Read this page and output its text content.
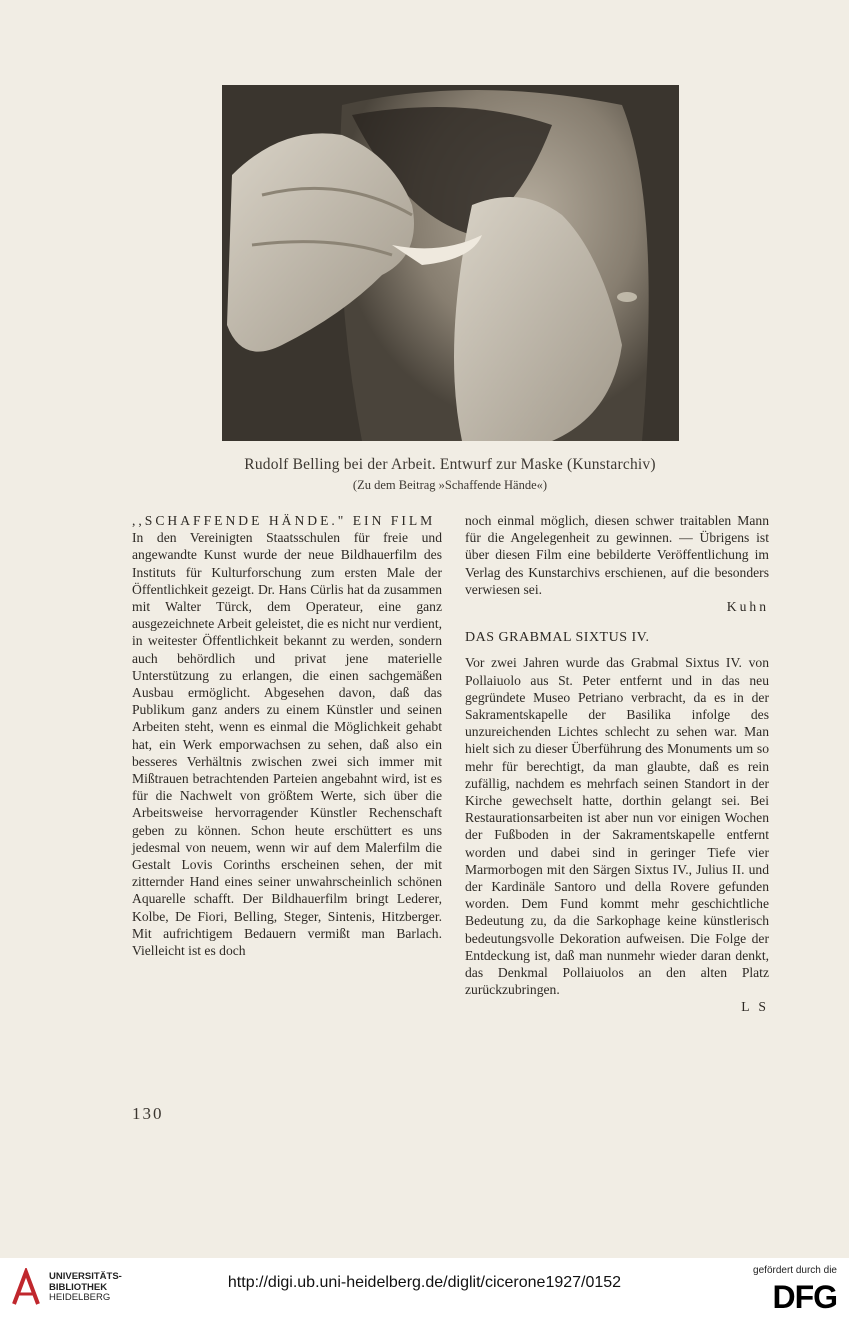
Rudolf Belling bei der Arbeit. Entwurf zur Maske (Kunstarchiv)
(Zu dem Beitrag »Schaffende Hände«)

,,SCHAFFENDE HÄNDE." EIN FILM

In den Vereinigten Staatsschulen für freie und angewandte Kunst wurde der neue Bildhauerfilm des Instituts für Kulturforschung zum ersten Male der Öffentlichkeit gezeigt. Dr. Hans Cürlis hat da zusammen mit Walter Türck, dem Operateur, eine ganz ausgezeichnete Arbeit geleistet, die es nicht nur verdient, in weitester Öffentlichkeit bekannt zu werden, sondern auch behördlich und privat jene materielle Unterstützung zu erlangen, die einen sachgemäßen Ausbau ermöglicht. Abgesehen davon, daß das Publikum ganz anders zu einem Künstler und seinen Arbeiten steht, wenn es einmal die Möglichkeit gehabt hat, ein Werk emporwachsen zu sehen, daß also ein besseres Verhältnis zwischen zwei sich immer mit Mißtrauen betrachtenden Parteien angebahnt wird, ist es für die Nachwelt von größtem Werte, sich über die Arbeitsweise hervorragender Künstler Rechenschaft geben zu können. Schon heute erschüttert es uns jedesmal von neuem, wenn wir auf dem Malerfilm die Gestalt Lovis Corinths erscheinen sehen, der mit zitternder Hand eines seiner unwahrscheinlich schönen Aquarelle schafft. Der Bildhauerfilm bringt Lederer, Kolbe, De Fiori, Belling, Steger, Sintenis, Hitzberger. Mit aufrichtigem Bedauern vermißt man Barlach. Vielleicht ist es doch

noch einmal möglich, diesen schwer traitablen Mann für die Angelegenheit zu gewinnen. — Übrigens ist über diesen Film eine bebilderte Veröffentlichung im Verlag des Kunstarchivs erschienen, auf die besonders verwiesen sei.

Kuhn

DAS GRABMAL SIXTUS IV.

Vor zwei Jahren wurde das Grabmal Sixtus IV. von Pollaiuolo aus St. Peter entfernt und in das neu gegründete Museo Petriano verbracht, da es in der Sakramentskapelle der Basilika infolge des unzureichenden Lichtes schlecht zu sehen war. Man hielt sich zu dieser Überführung des Monuments um so mehr für berechtigt, da man glaubte, daß es rein zufällig, nachdem es mehrfach seinen Standort in der Kirche gewechselt hatte, dorthin gelangt sei. Bei Restaurationsarbeiten ist aber nun vor einigen Wochen der Fußboden in der Sakramentskapelle entfernt worden und dabei sind in geringer Tiefe vier Marmorbogen mit den Särgen Sixtus IV., Julius II. und der Kardinäle Santoro und della Rovere gefunden worden. Dem Fund kommt mehr geschichtliche Bedeutung zu, da die Sarkophage keine künstlerisch bedeutungsvolle Dekoration aufweisen. Die Folge der Entdeckung ist, daß man nunmehr wieder daran denkt, das Denkmal Pollaiuolos an den alten Platz zurückzubringen.

L S

130
UNIVERSITÄTS-
BIBLIOTHEK
HEIDELBERG
http://digi.ub.uni-heidelberg.de/diglit/cicerone1927/0152
gefördert durch die
DFG
